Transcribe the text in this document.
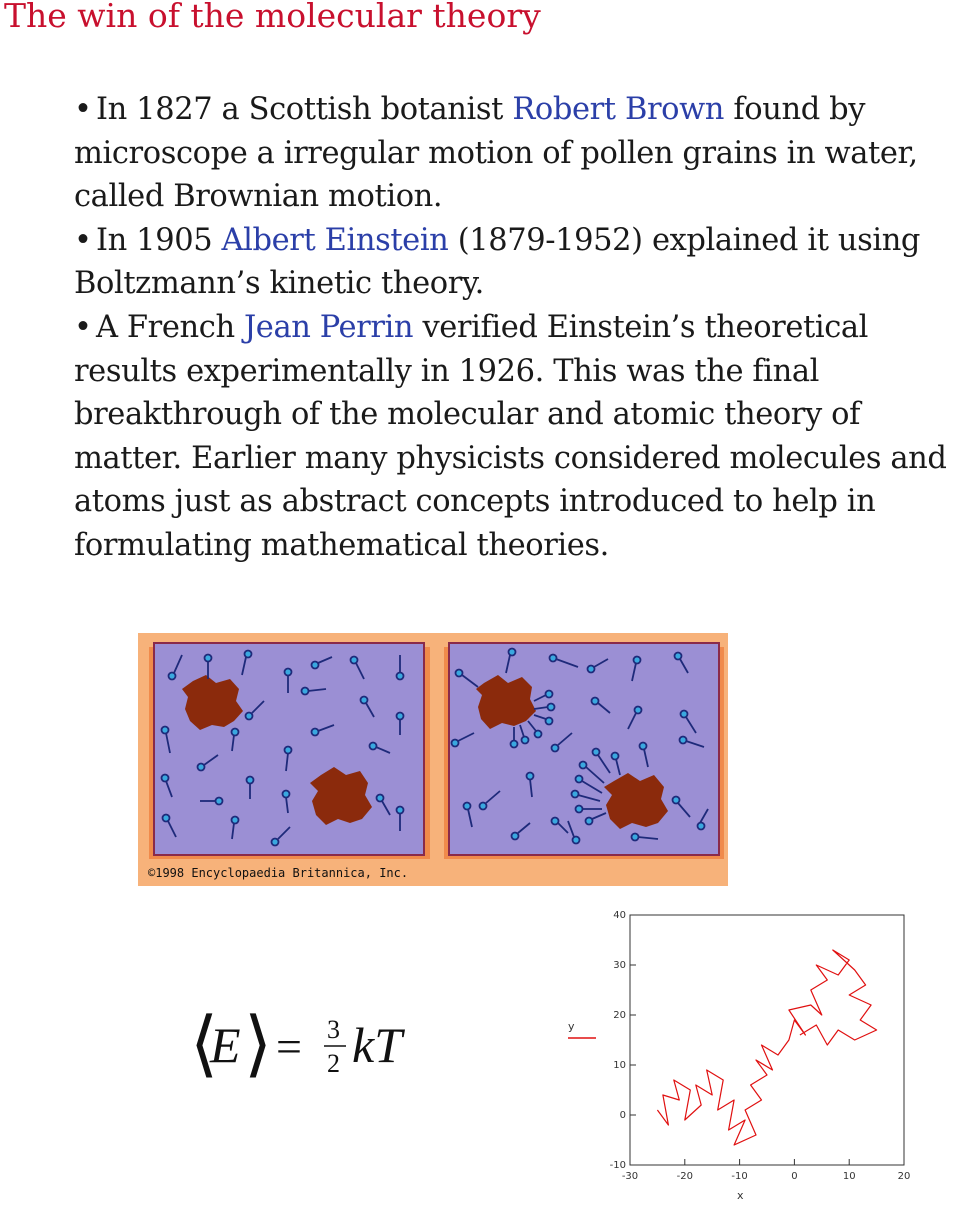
The win of the molecular theory

• In 1827 a Scottish botanist Robert Brown found by microscope a irregular motion of pollen grains in water, called Brownian motion.

• In 1905 Albert Einstein (1879-1952) explained it using Boltzmann’s kinetic theory.

• A French Jean Perrin verified Einstein’s theoretical results experimentally in 1926. This was the final breakthrough of the molecular and atomic theory of matter. Earlier many physicists considered molecules and atoms just as abstract concepts introduced to help in formulating mathematical theories.

©1998 Encyclopaedia Britannica, Inc.
⟨
E ⟩ = 3
2 kT
-30	-20	-10	0	10	20
-10
0
10
20
30
40
x
y
